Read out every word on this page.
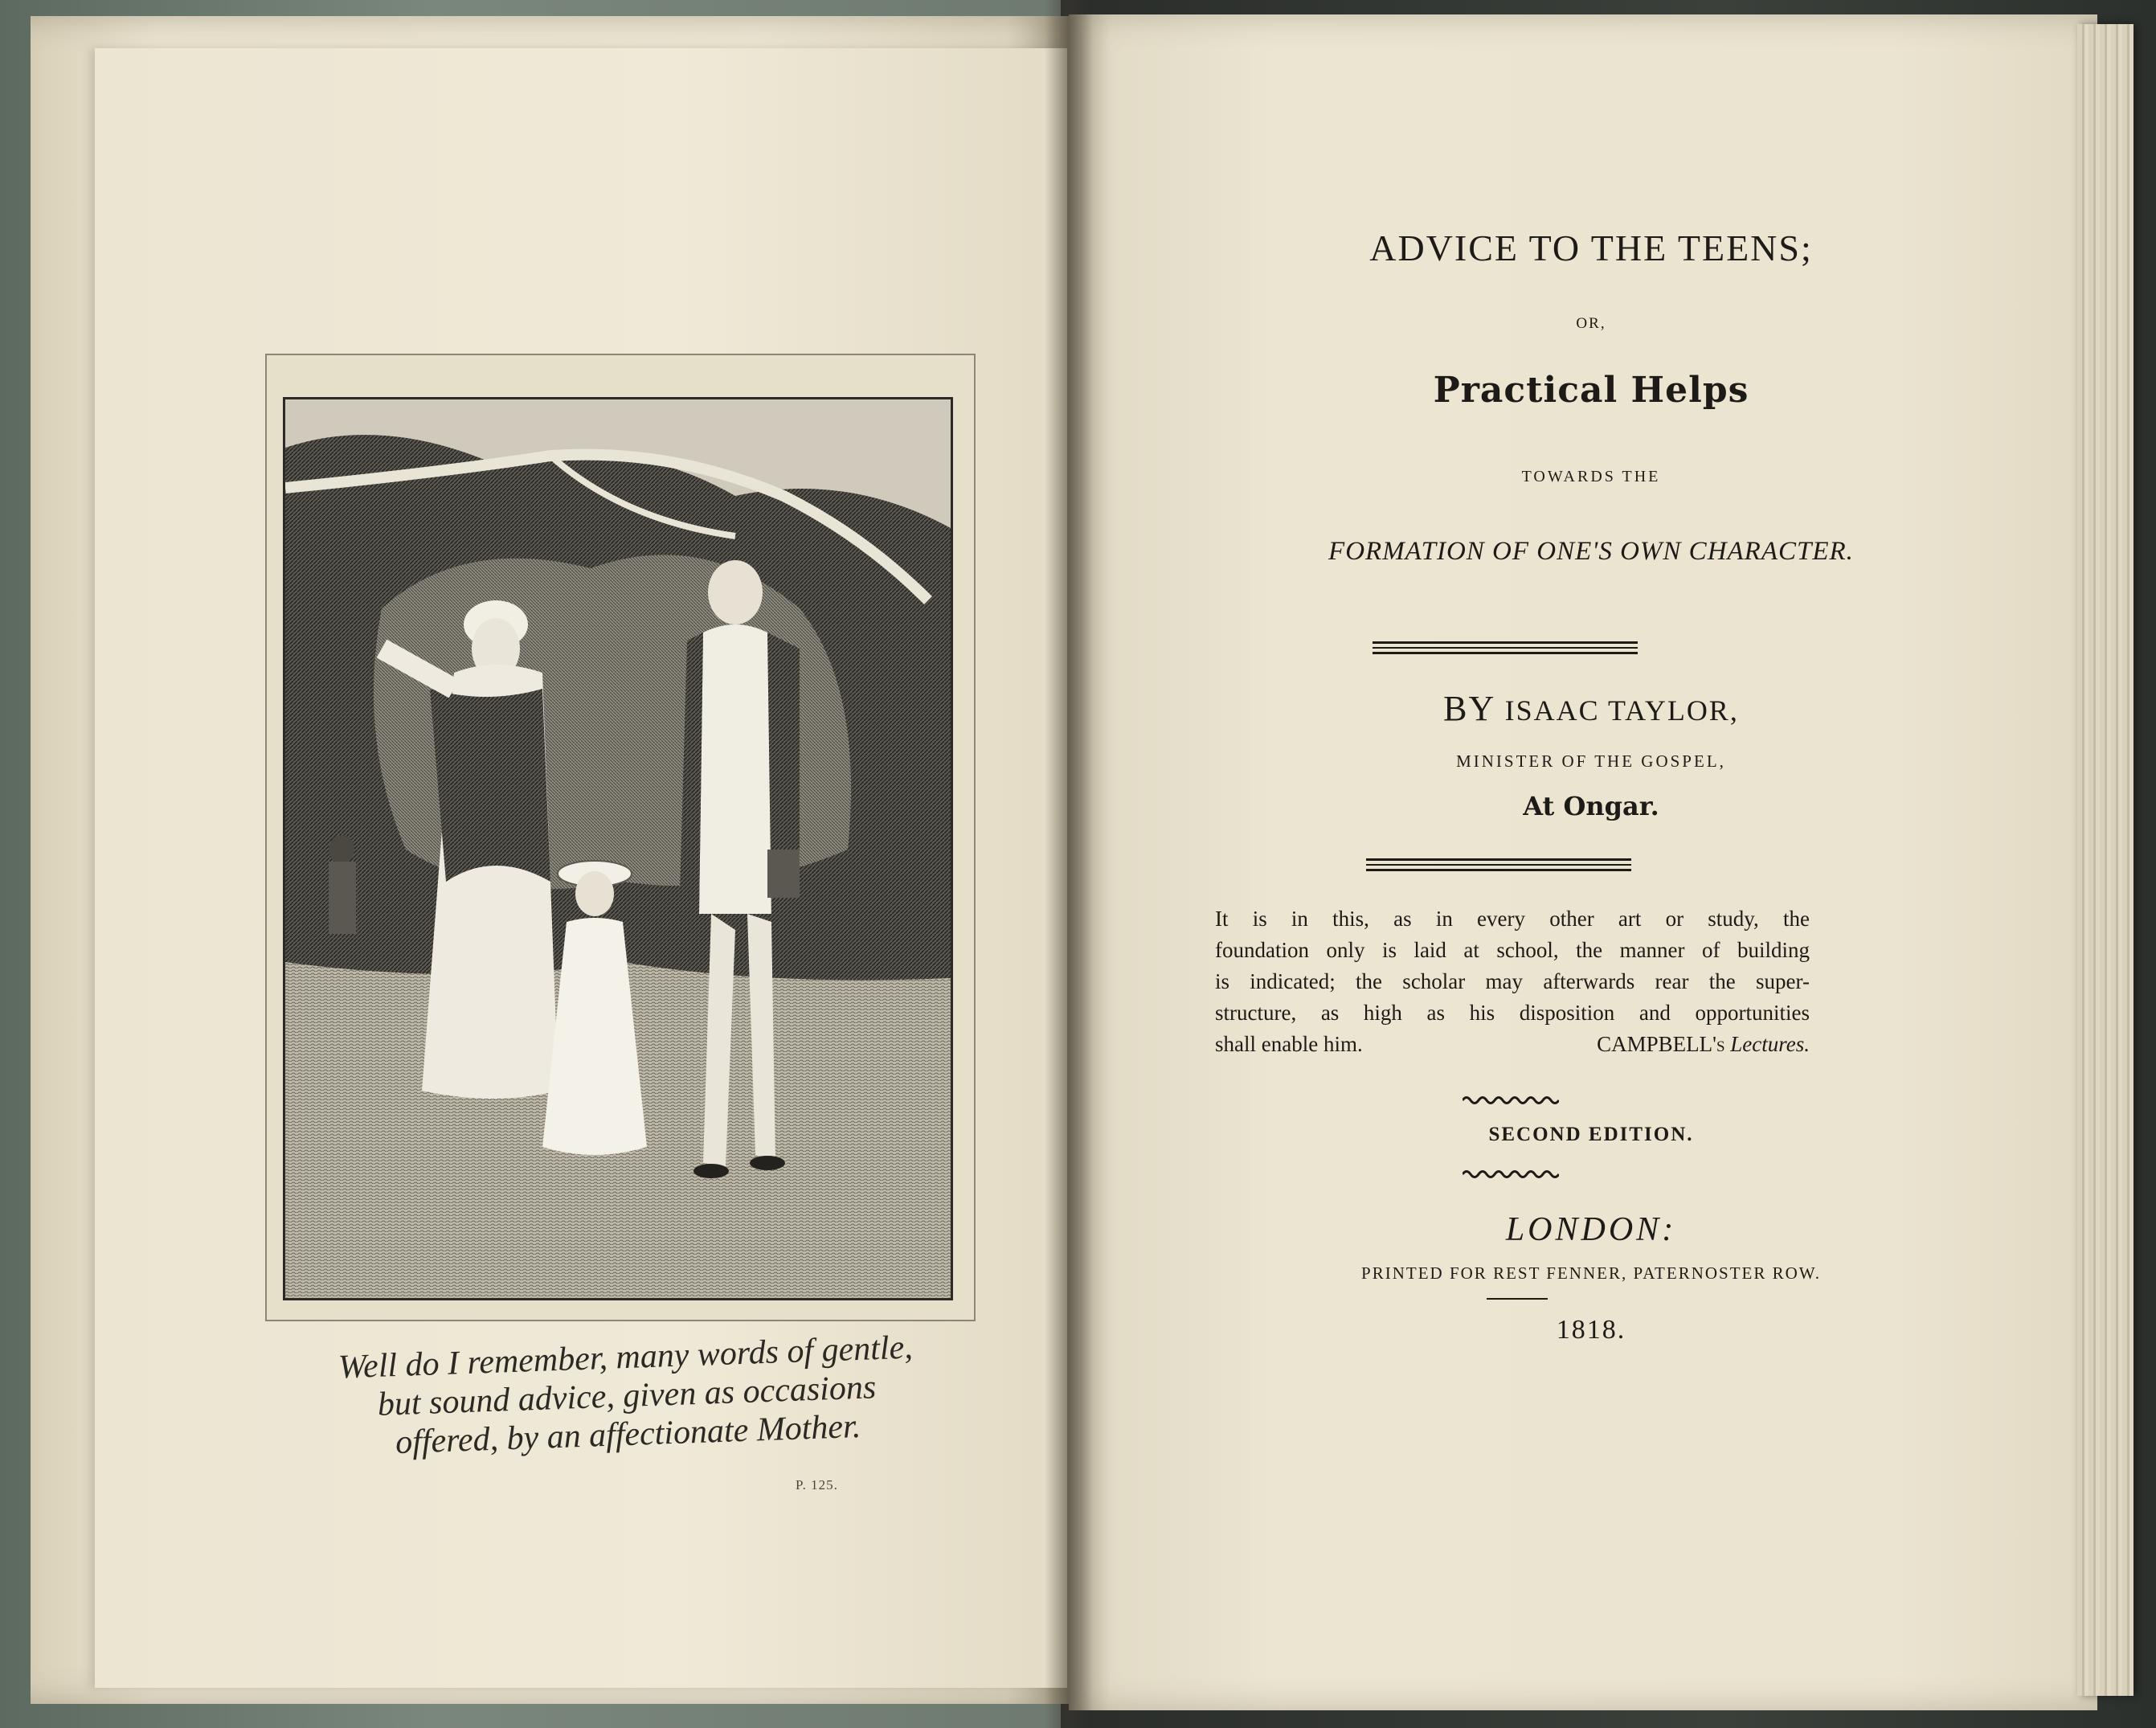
Well do I remember, many words of gentle, but sound advice, given as occasions offered, by an affectionate Mother.
P. 125.
ADVICE TO THE TEENS;
OR,
Practical Helps
TOWARDS THE
FORMATION OF ONE'S OWN CHARACTER.
BY ISAAC TAYLOR,
MINISTER OF THE GOSPEL,
At Ongar.
It is in this, as in every other art or study, the
foundation only is laid at school, the manner of building
is indicated; the scholar may afterwards rear the super-
structure, as high as his disposition and opportunities
shall enable him.	CAMPBELL's Lectures.
SECOND EDITION.
LONDON:
PRINTED FOR REST FENNER, PATERNOSTER ROW.
1818.
